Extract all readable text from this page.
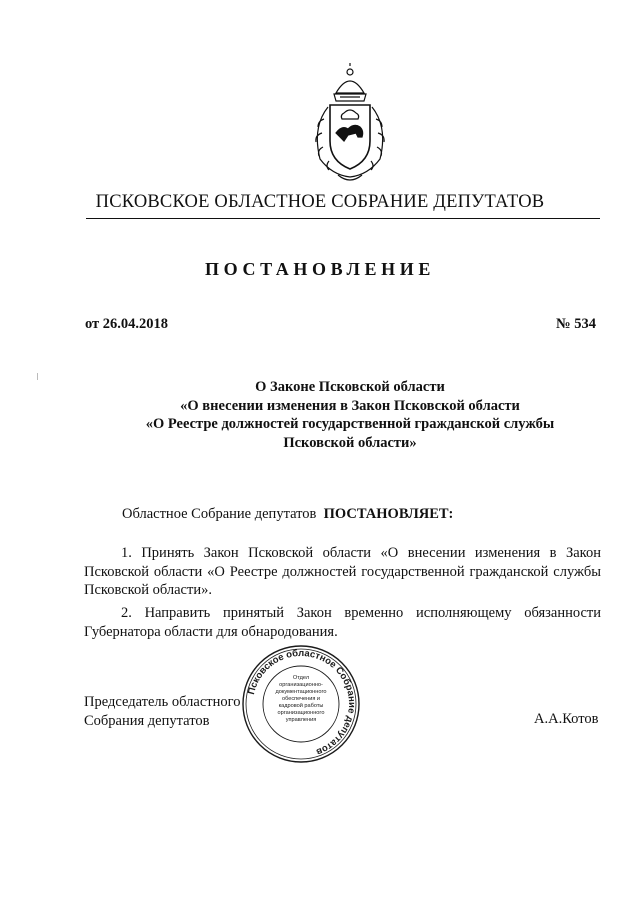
ПСКОВСКОЕ ОБЛАСТНОЕ СОБРАНИЕ ДЕПУТАТОВ
ПОСТАНОВЛЕНИЕ
от 26.04.2018	№ 534
О Законе Псковской области
«О внесении изменения в Закон Псковской области
«О Реестре должностей государственной гражданской службы
Псковской области»
Областное Собрание депутатов ПОСТАНОВЛЯЕТ:
1. Принять Закон Псковской области «О внесении изменения в Закон Псковской области «О Реестре должностей государственной гражданской службы Псковской области».
2. Направить принятый Закон временно исполняющему обязанности Губернатора области для обнародования.
Председатель областного
Собрания депутатов	А.А.Котов
Псковское областное Собрание депутатов
Отдел
организационно-
документационного
обеспечения и
кадровой работы
организационного
управления
